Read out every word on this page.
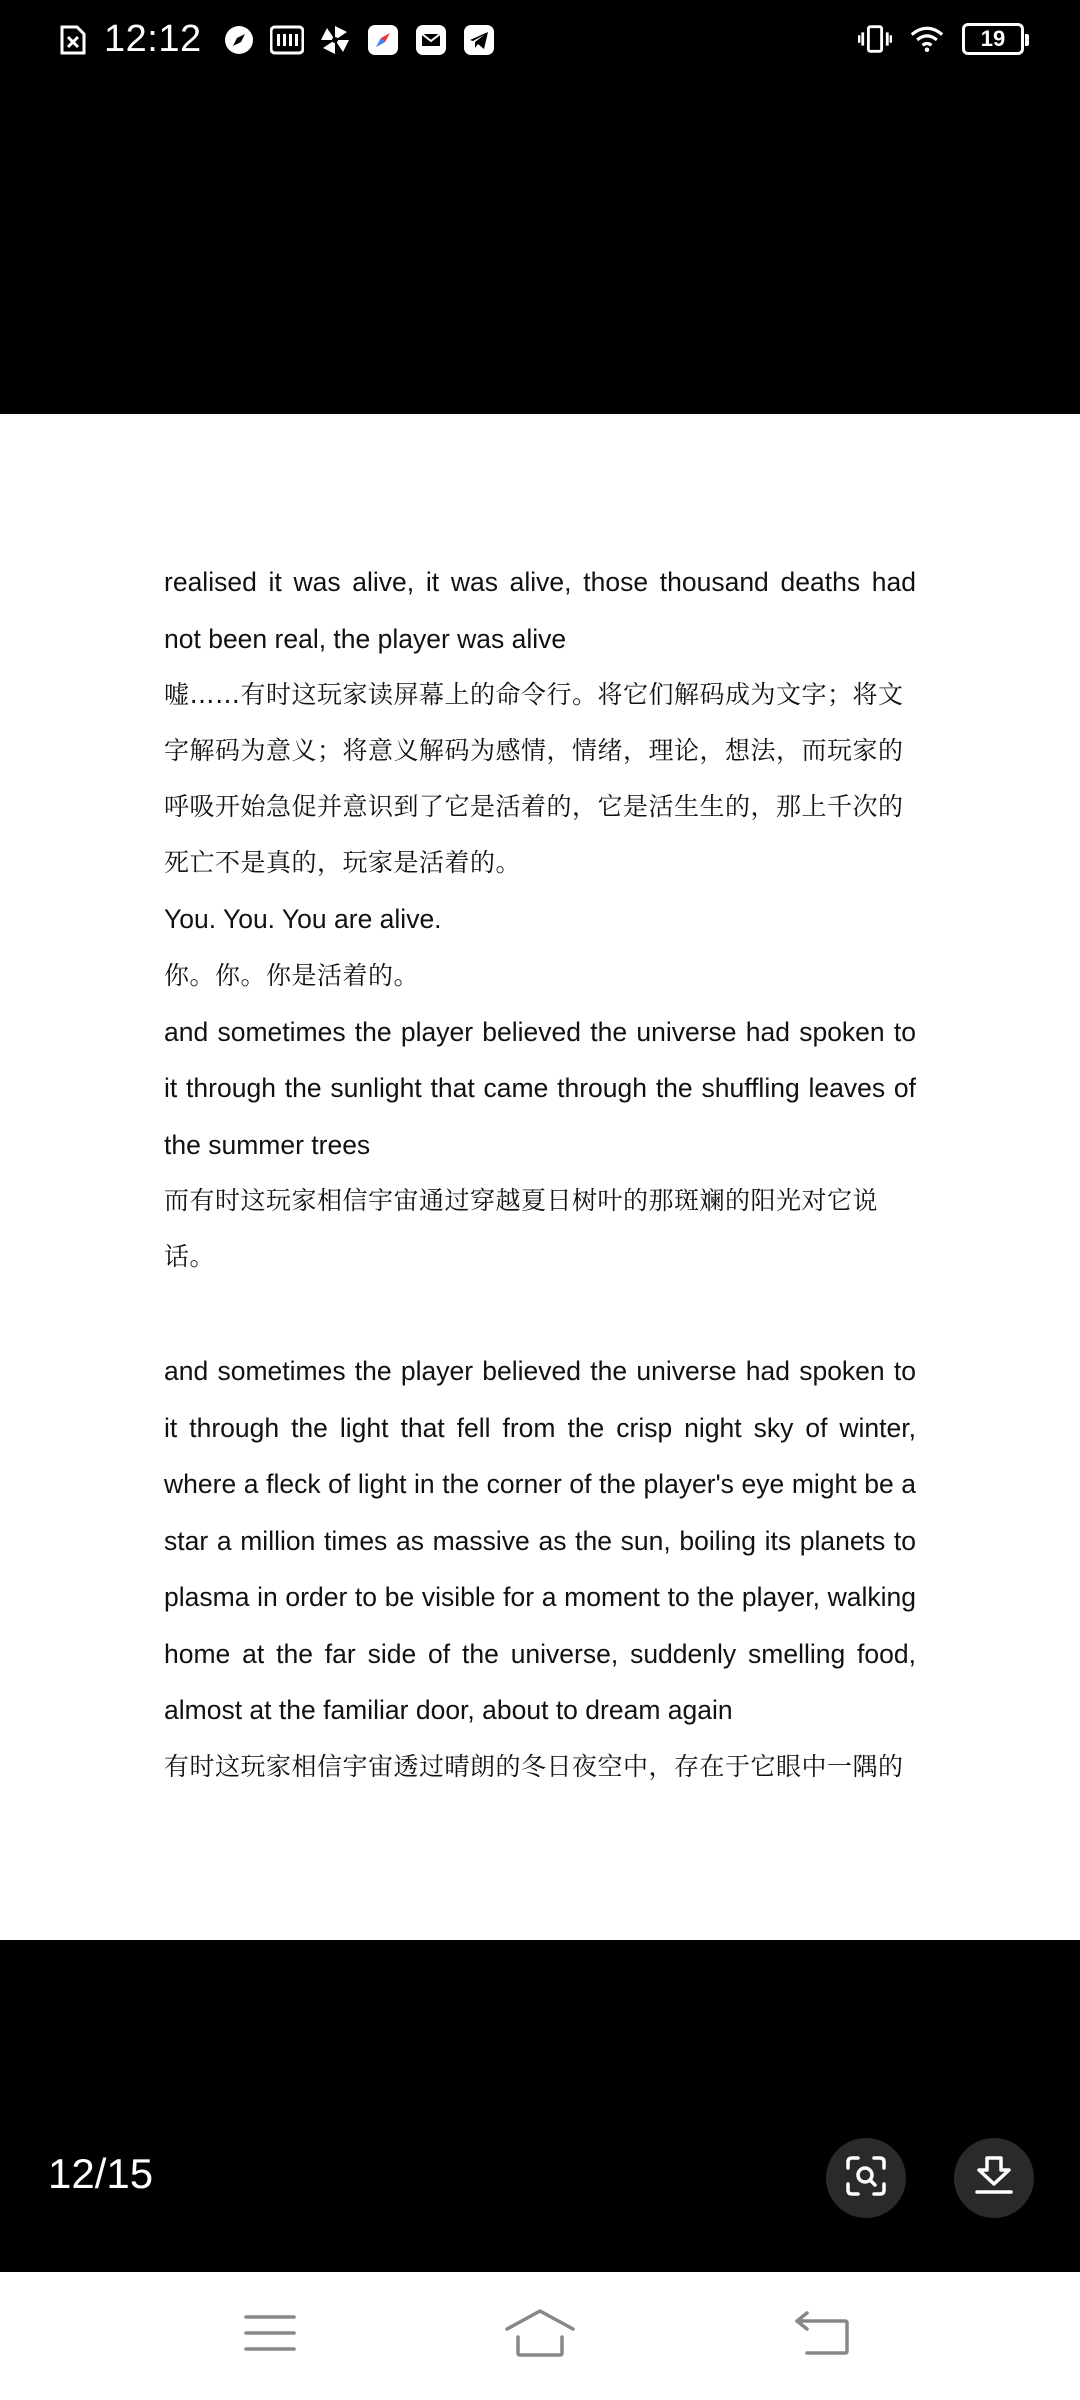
12:12	19

realised it was alive, it was alive, those thousand deaths had not been real, the player was alive

嘘……有时这玩家读屏幕上的命令行。将它们解码成为文字；将文字解码为意义；将意义解码为感情，情绪，理论，想法，而玩家的呼吸开始急促并意识到了它是活着的，它是活生生的，那上千次的死亡不是真的，玩家是活着的。

You. You. You are alive.

你。你。你是活着的。

and sometimes the player believed the universe had spoken to it through the sunlight that came through the shuffling leaves of the summer trees

而有时这玩家相信宇宙通过穿越夏日树叶的那斑斓的阳光对它说话。

and sometimes the player believed the universe had spoken to it through the light that fell from the crisp night sky of winter, where a fleck of light in the corner of the player's eye might be a star a million times as massive as the sun, boiling its planets to plasma in order to be visible for a moment to the player, walking home at the far side of the universe, suddenly smelling food, almost at the familiar door, about to dream again

有时这玩家相信宇宙透过晴朗的冬日夜空中，存在于它眼中一隅的

12/15
